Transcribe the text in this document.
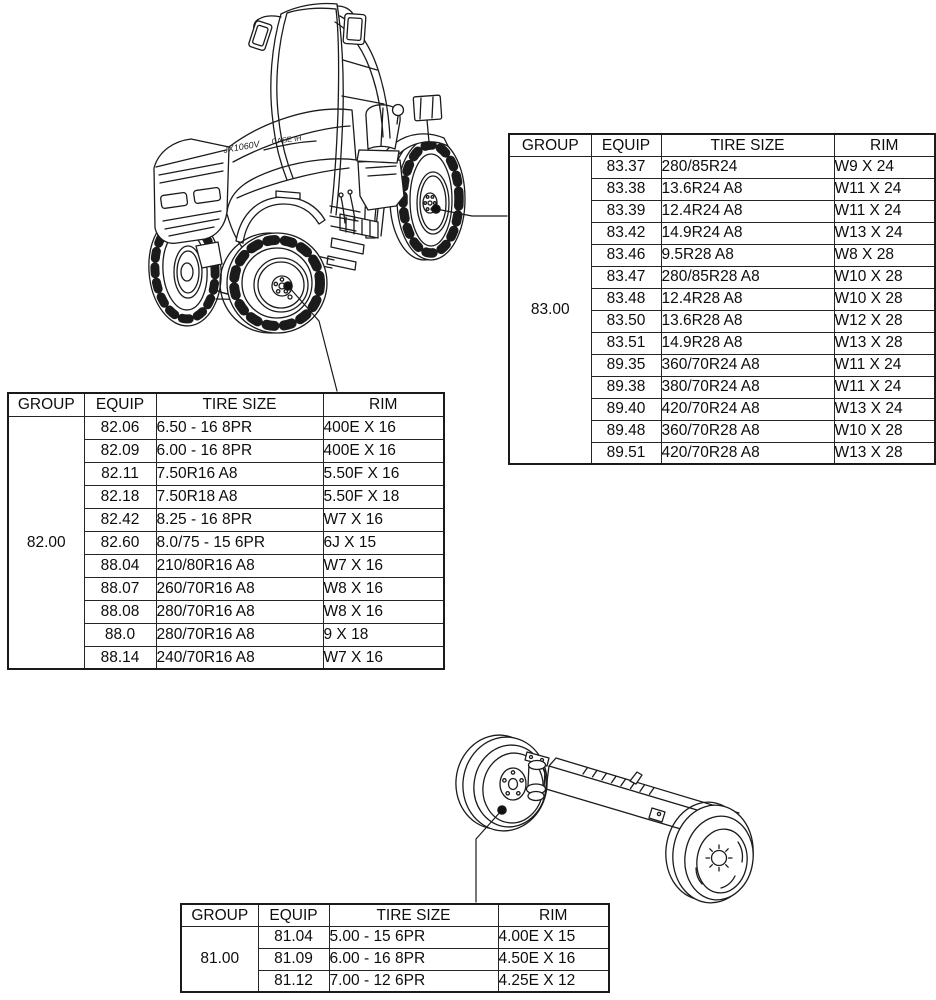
JX1060V CASE IH	GROUP	EQUIP	TIRE SIZE	RIM
83.00	83.37	280/85R24	W9 X 24
	83.38	13.6R24 A8	W11 X 24
	83.39	12.4R24 A8	W11 X 24
	83.42	14.9R24 A8	W13 X 24
	83.46	9.5R28 A8	W8 X 28
	83.47	280/85R28 A8	W10 X 28
	83.48	12.4R28 A8	W10 X 28
	83.50	13.6R28 A8	W12 X 28
	83.51	14.9R28 A8	W13 X 28
	89.35	360/70R24 A8	W11 X 24
	89.38	380/70R24 A8	W11 X 24
	89.40	420/70R24 A8	W13 X 24
	89.48	360/70R28 A8	W10 X 28
	89.51	420/70R28 A8	W13 X 28
GROUP	EQUIP	TIRE SIZE	RIM
82.00	82.06	6.50 - 16 8PR	400E X 16
	82.09	6.00 - 16 8PR	400E X 16
	82.11	7.50R16 A8	5.50F X 16
	82.18	7.50R18 A8	5.50F X 18
	82.42	8.25 - 16 8PR	W7 X 16
	82.60	8.0/75 - 15 6PR	6J X 15
	88.04	210/80R16 A8	W7 X 16
	88.07	260/70R16 A8	W8 X 16
	88.08	280/70R16 A8	W8 X 16
	88.0	280/70R16 A8	9 X 18
	88.14	240/70R16 A8	W7 X 16
GROUP	EQUIP	TIRE SIZE	RIM
81.00	81.04	5.00 - 15 6PR	4.00E X 15
	81.09	6.00 - 16 8PR	4.50E X 16
	81.12	7.00 - 12 6PR	4.25E X 12
